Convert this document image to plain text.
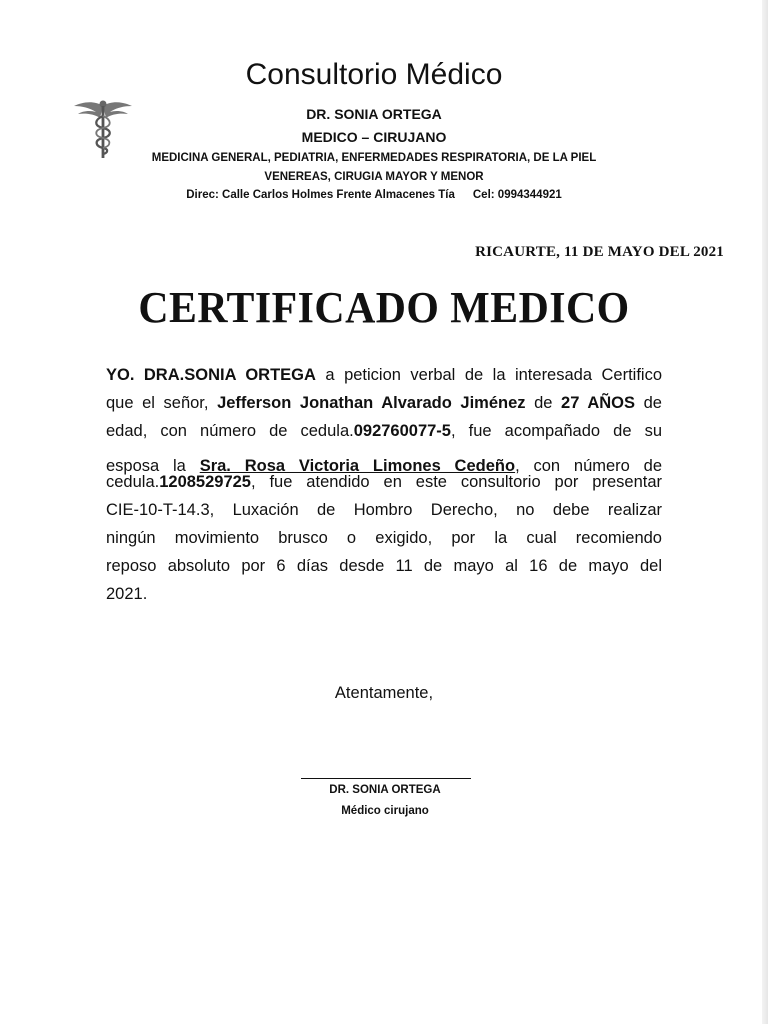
Consultorio Médico
DR. SONIA ORTEGA
MEDICO – CIRUJANO
MEDICINA GENERAL, PEDIATRIA, ENFERMEDADES RESPIRATORIA, DE LA PIEL
VENEREAS, CIRUGIA MAYOR Y MENOR
Direc: Calle Carlos Holmes Frente Almacenes Tía Cel: 0994344921
RICAURTE, 11 DE MAYO DEL 2021
CERTIFICADO MEDICO
YO. DRA.SONIA ORTEGA a peticion verbal de la interesada Certifico
que el señor, Jefferson Jonathan Alvarado Jiménez de 27 AÑOS de
edad, con número de cedula.092760077-5, fue acompañado de su
esposa la Sra. Rosa Victoria Limones Cedeño, con número de
cedula.1208529725, fue atendido en este consultorio por presentar
CIE-10-T-14.3, Luxación de Hombro Derecho, no debe realizar
ningún movimiento brusco o exigido, por la cual recomiendo
reposo absoluto por 6 días desde 11 de mayo al 16 de mayo del
2021.
Atentamente,
DR. SONIA ORTEGA
Médico cirujano
